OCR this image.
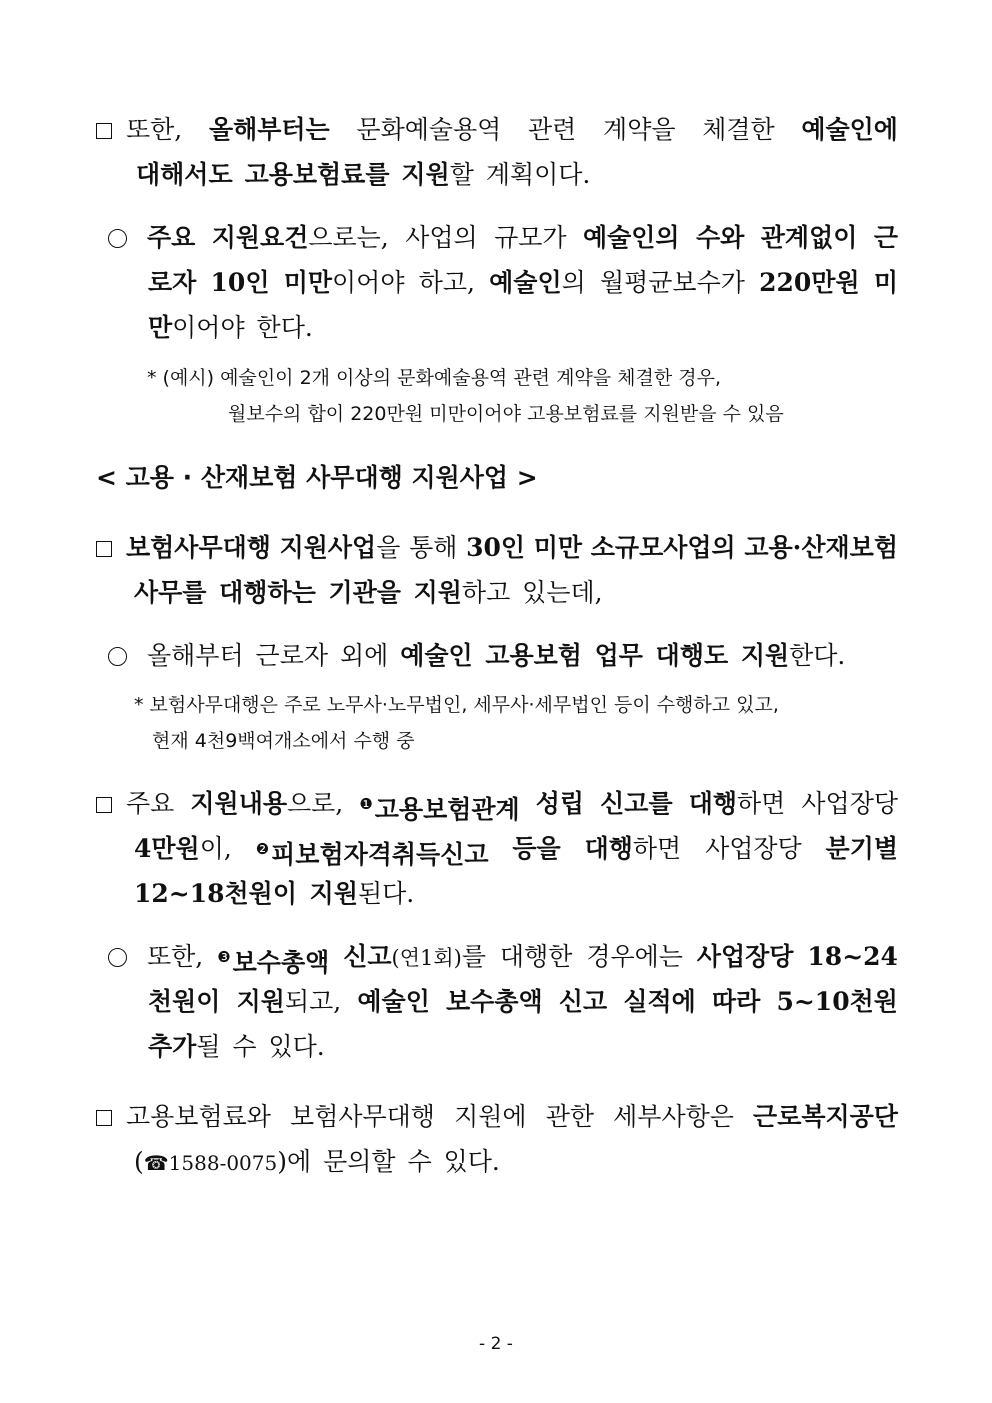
또한, 올해부터는 문화예술용역 관련 계약을 체결한 예술인에
대해서도 고용보험료를 지원할 계획이다.
주요 지원요건으로는, 사업의 규모가 예술인의 수와 관계없이 근
로자 10인 미만이어야 하고, 예술인의 월평균보수가 220만원 미
만이어야 한다.
* (예시) 예술인이 2개 이상의 문화예술용역 관련 계약을 체결한 경우,
월보수의 합이 220만원 미만이어야 고용보험료를 지원받을 수 있음
< 고용 · 산재보험 사무대행 지원사업 >
보험사무대행 지원사업을 통해 30인 미만 소규모사업의 고용·산재보험
사무를 대행하는 기관을 지원하고 있는데,
올해부터 근로자 외에 예술인 고용보험 업무 대행도 지원한다.
* 보험사무대행은 주로 노무사·노무법인, 세무사·세무법인 등이 수행하고 있고,
현재 4천9백여개소에서 수행 중
주요 지원내용으로, $^❶$고용보험관계 성립 신고를 대행하면 사업장당
4만원이, $^❷$피보험자격취득신고 등을 대행하면 사업장당 분기별
12~18천원이 지원된다.
또한, $^❸$보수총액 신고(연1회)를 대행한 경우에는 사업장당 18~24
천원이 지원되고, 예술인 보수총액 신고 실적에 따라 5~10천원
추가될 수 있다.
고용보험료와 보험사무대행 지원에 관한 세부사항은 근로복지공단
(☎1588-0075)에 문의할 수 있다.
- 2 -
